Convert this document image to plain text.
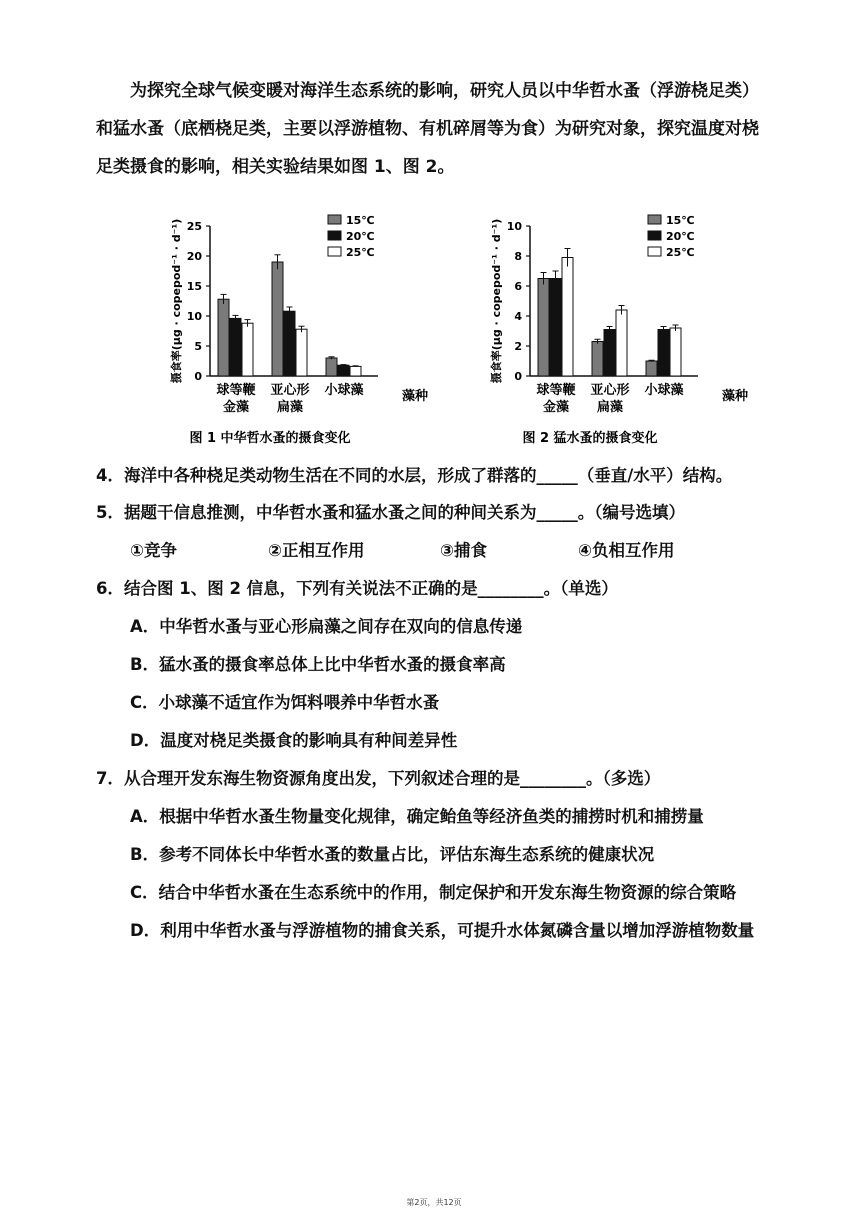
为探究全球气候变暖对海洋生态系统的影响，研究人员以中华哲水蚤（浮游桡足类）
和猛水蚤（底栖桡足类，主要以浮游植物、有机碎屑等为食）为研究对象，探究温度对桡
足类摄食的影响，相关实验结果如图 1、图 2。
0
5
10
15
20
25
摄食率(μg · copepod⁻¹ · d⁻¹)
球等鞭
金藻
亚心形
扁藻
小球藻	藻种
15℃
20℃
25℃
图 1 中华哲水蚤的摄食变化
0
2
4
6
8
10
摄食率(μg · copepod⁻¹ · d⁻¹)
球等鞭
金藻
亚心形
扁藻
小球藻	藻种
15℃
20℃
25℃
图 2 猛水蚤的摄食变化
4．海洋中各种桡足类动物生活在不同的水层，形成了群落的_____（垂直/水平）结构。
5．据题干信息推测，中华哲水蚤和猛水蚤之间的种间关系为_____。（编号选填）
①竞争	②正相互作用	③捕食	④负相互作用
6．结合图 1、图 2 信息，下列有关说法不正确的是________。（单选）
A．中华哲水蚤与亚心形扁藻之间存在双向的信息传递
B．猛水蚤的摄食率总体上比中华哲水蚤的摄食率高
C．小球藻不适宜作为饵料喂养中华哲水蚤
D．温度对桡足类摄食的影响具有种间差异性
7．从合理开发东海生物资源角度出发，下列叙述合理的是________。（多选）
A．根据中华哲水蚤生物量变化规律，确定鲐鱼等经济鱼类的捕捞时机和捕捞量
B．参考不同体长中华哲水蚤的数量占比，评估东海生态系统的健康状况
C．结合中华哲水蚤在生态系统中的作用，制定保护和开发东海生物资源的综合策略
D．利用中华哲水蚤与浮游植物的捕食关系，可提升水体氮磷含量以增加浮游植物数量
第2页，共12页
